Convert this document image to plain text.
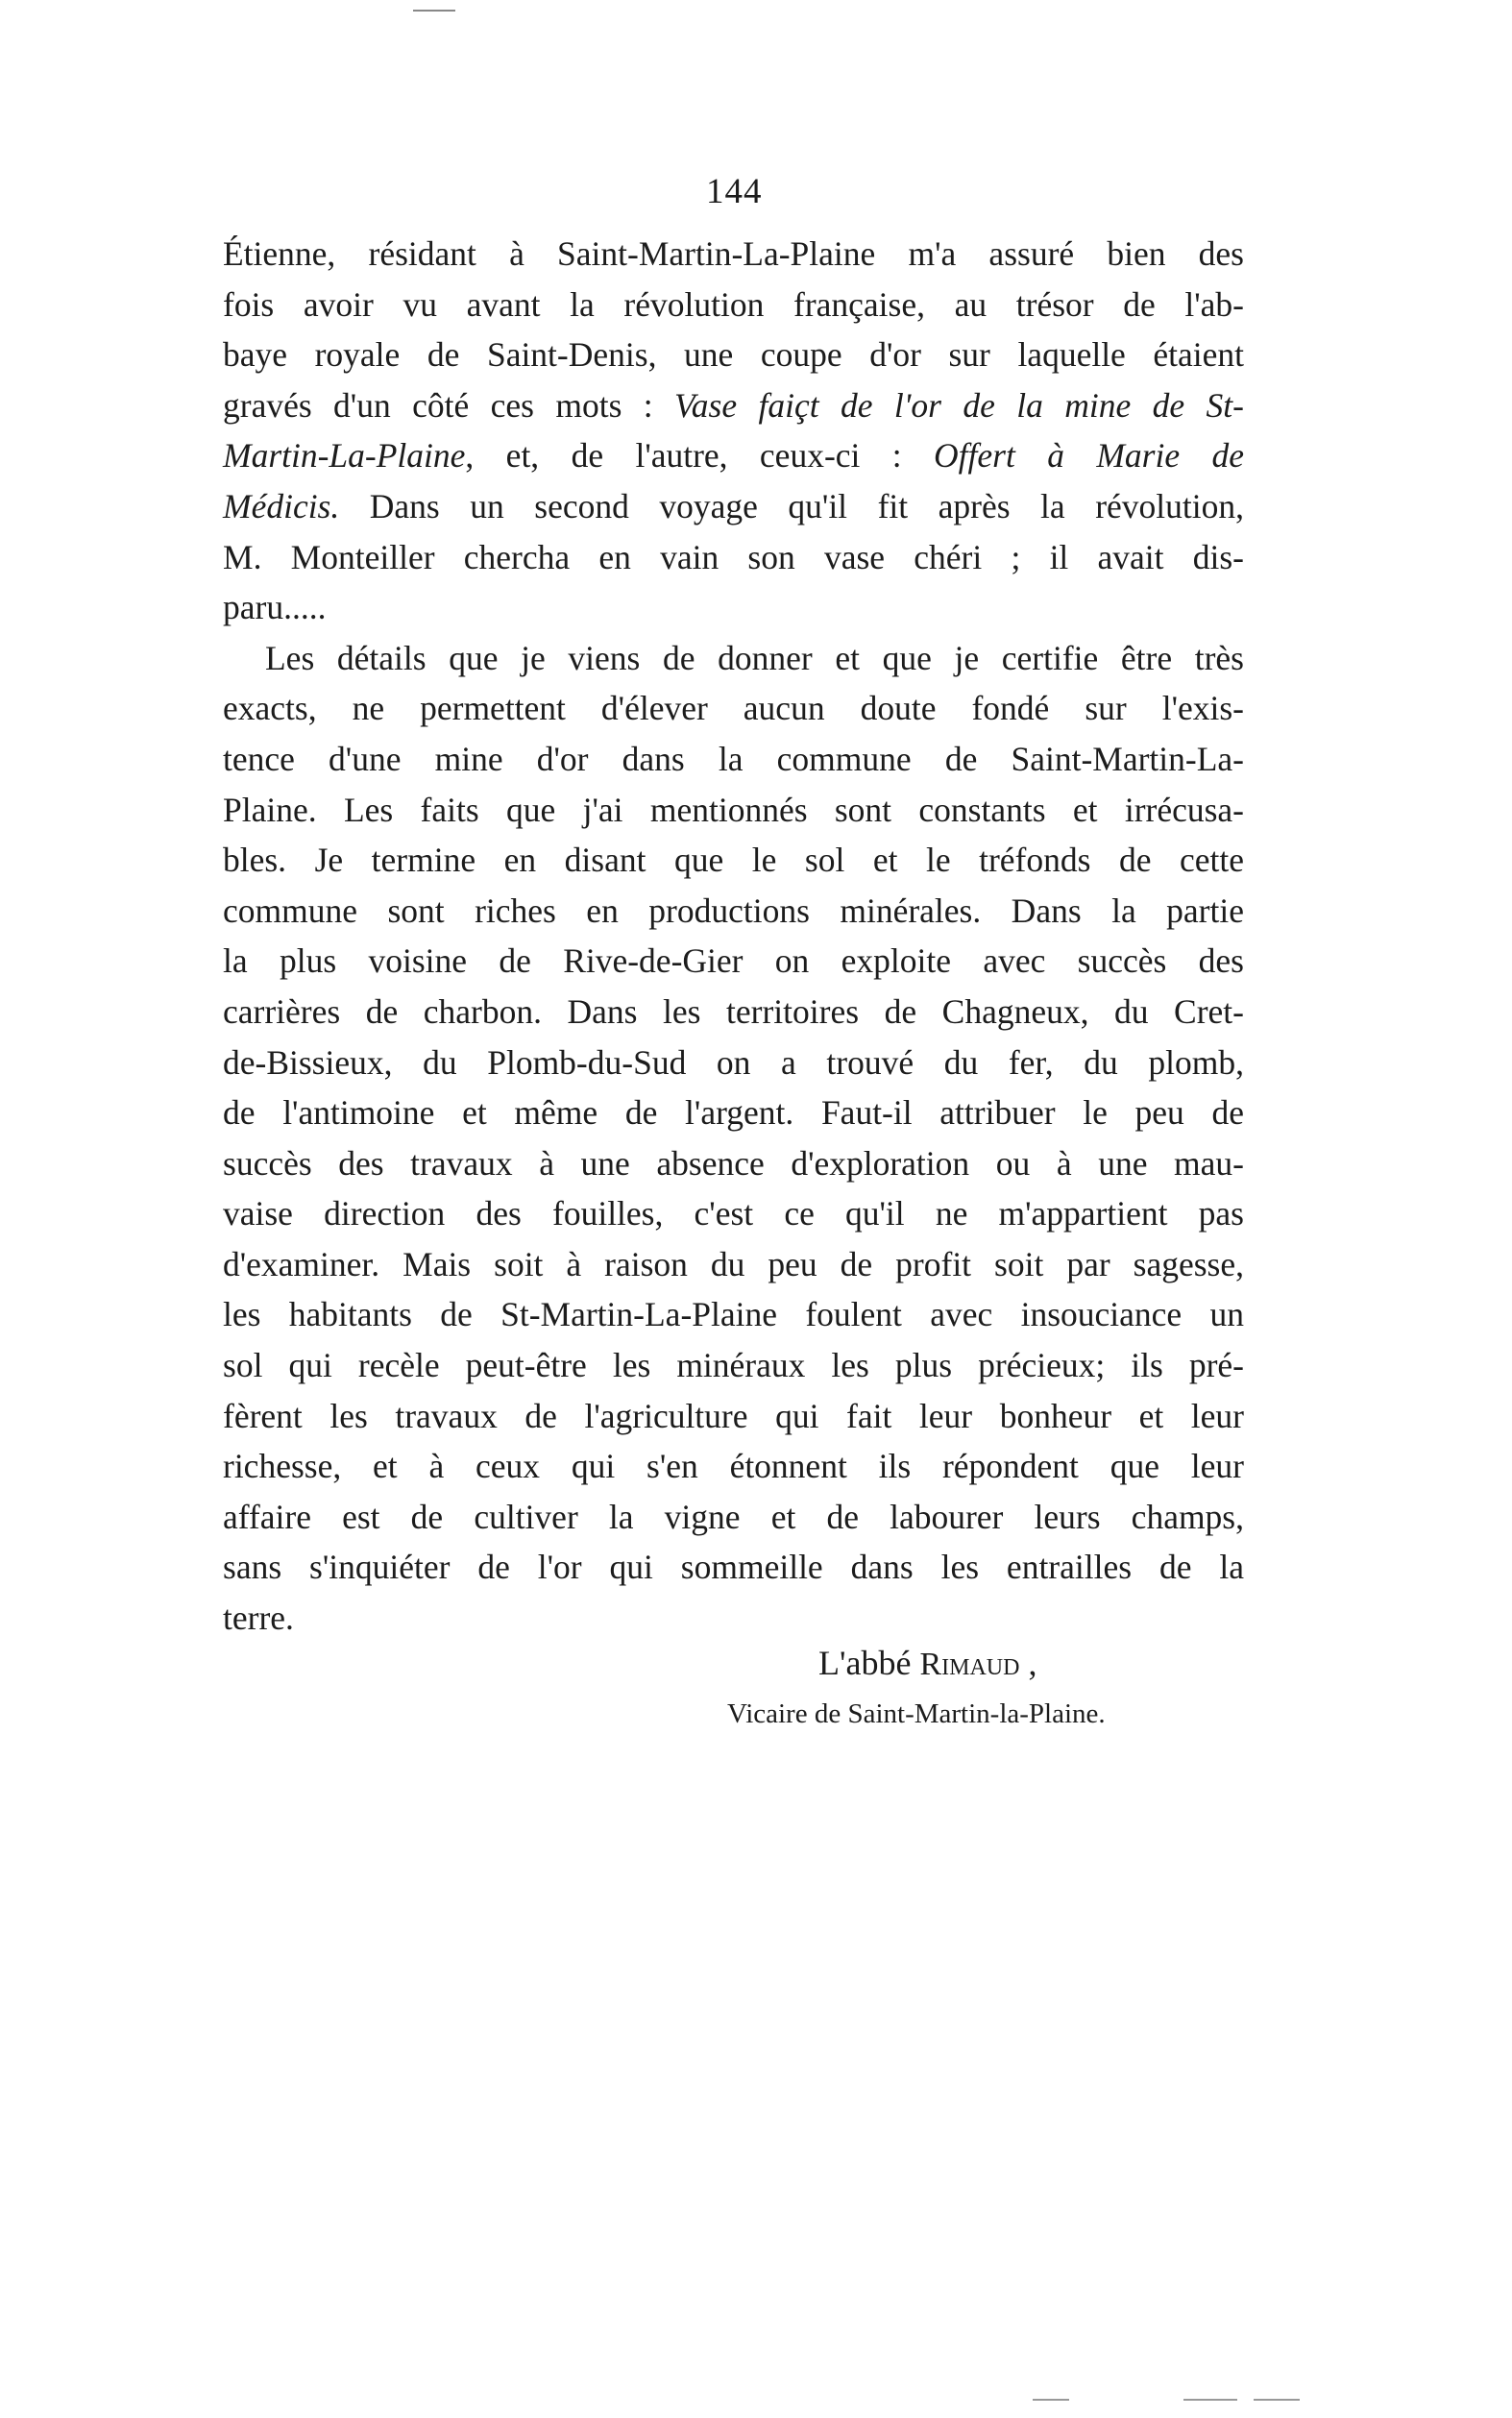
144
Étienne, résidant à Saint-Martin-La-Plaine m'a assuré bien des
fois avoir vu avant la révolution française, au trésor de l'ab-
baye royale de Saint-Denis, une coupe d'or sur laquelle étaient
gravés d'un côté ces mots : Vase faiçt de l'or de la mine de St-
Martin-La-Plaine, et, de l'autre, ceux-ci : Offert à Marie de
Médicis. Dans un second voyage qu'il fit après la révolution,
M. Monteiller chercha en vain son vase chéri ; il avait dis-
paru.....
Les détails que je viens de donner et que je certifie être très
exacts, ne permettent d'élever aucun doute fondé sur l'exis-
tence d'une mine d'or dans la commune de Saint-Martin-La-
Plaine. Les faits que j'ai mentionnés sont constants et irrécusa-
bles. Je termine en disant que le sol et le tréfonds de cette
commune sont riches en productions minérales. Dans la partie
la plus voisine de Rive-de-Gier on exploite avec succès des
carrières de charbon. Dans les territoires de Chagneux, du Cret-
de-Bissieux, du Plomb-du-Sud on a trouvé du fer, du plomb,
de l'antimoine et même de l'argent. Faut-il attribuer le peu de
succès des travaux à une absence d'exploration ou à une mau-
vaise direction des fouilles, c'est ce qu'il ne m'appartient pas
d'examiner. Mais soit à raison du peu de profit soit par sagesse,
les habitants de St-Martin-La-Plaine foulent avec insouciance un
sol qui recèle peut-être les minéraux les plus précieux; ils pré-
fèrent les travaux de l'agriculture qui fait leur bonheur et leur
richesse, et à ceux qui s'en étonnent ils répondent que leur
affaire est de cultiver la vigne et de labourer leurs champs,
sans s'inquiéter de l'or qui sommeille dans les entrailles de la
terre.
L'abbé Rimaud ,
Vicaire de Saint-Martin-la-Plaine.
